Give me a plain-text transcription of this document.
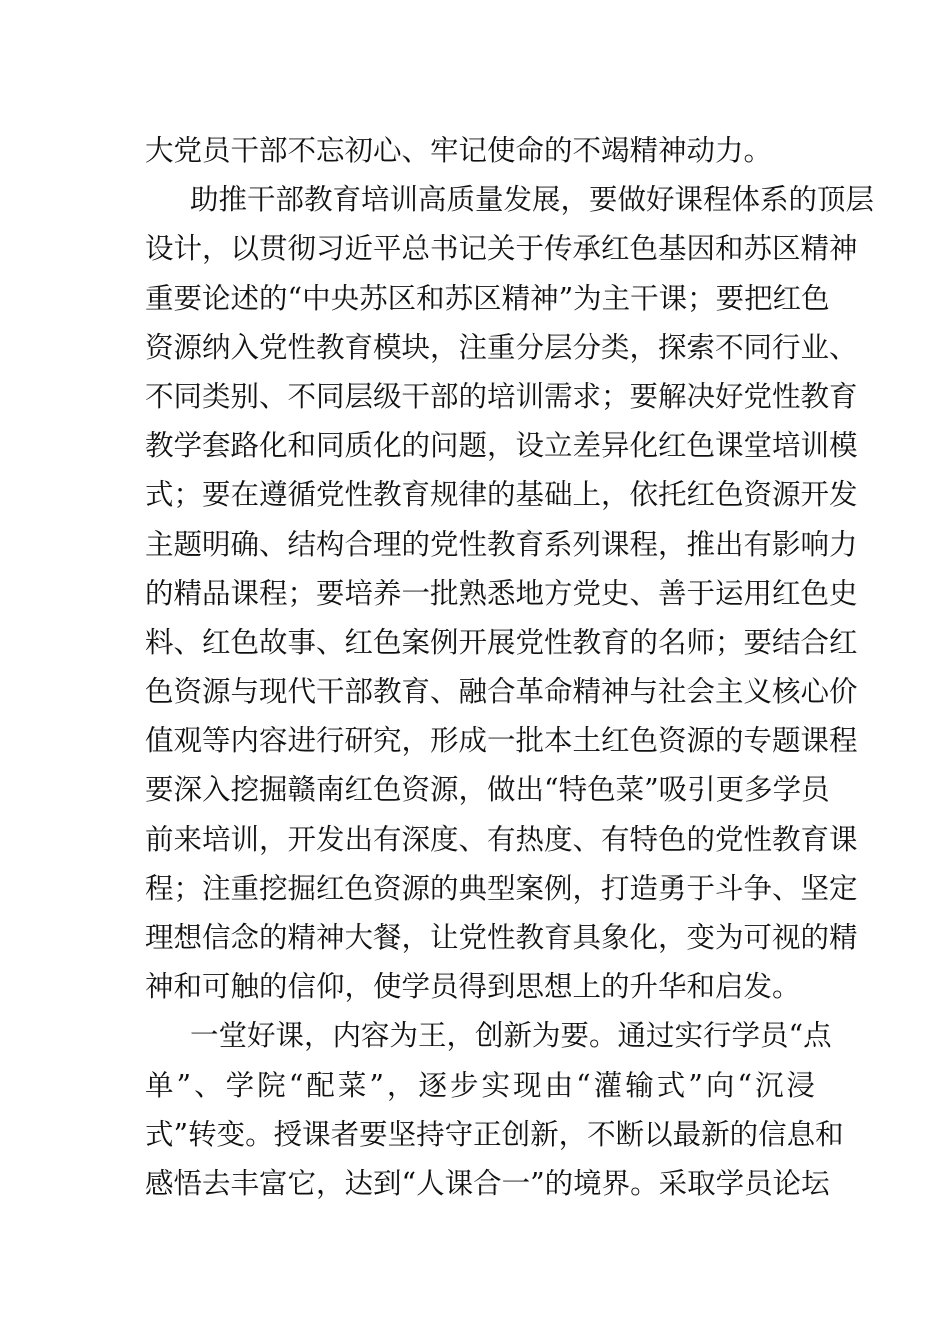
大党员干部不忘初心、牢记使命的不竭精神动力。
助推干部教育培训高质量发展，要做好课程体系的顶层
设计，以贯彻习近平总书记关于传承红色基因和苏区精神
重要论述的“中央苏区和苏区精神”为主干课；要把红色
资源纳入党性教育模块，注重分层分类，探索不同行业、
不同类别、不同层级干部的培训需求；要解决好党性教育
教学套路化和同质化的问题，设立差异化红色课堂培训模
式；要在遵循党性教育规律的基础上，依托红色资源开发
主题明确、结构合理的党性教育系列课程，推出有影响力
的精品课程；要培养一批熟悉地方党史、善于运用红色史
料、红色故事、红色案例开展党性教育的名师；要结合红
色资源与现代干部教育、融合革命精神与社会主义核心价
值观等内容进行研究，形成一批本土红色资源的专题课程
要深入挖掘赣南红色资源，做出“特色菜”吸引更多学员
前来培训，开发出有深度、有热度、有特色的党性教育课
程；注重挖掘红色资源的典型案例，打造勇于斗争、坚定
理想信念的精神大餐，让党性教育具象化，变为可视的精
神和可触的信仰，使学员得到思想上的升华和启发。
一堂好课，内容为王，创新为要。通过实行学员“点
单”、学院“配菜”，逐步实现由“灌输式”向“沉浸
式”转变。授课者要坚持守正创新，不断以最新的信息和
感悟去丰富它，达到“人课合一”的境界。采取学员论坛
